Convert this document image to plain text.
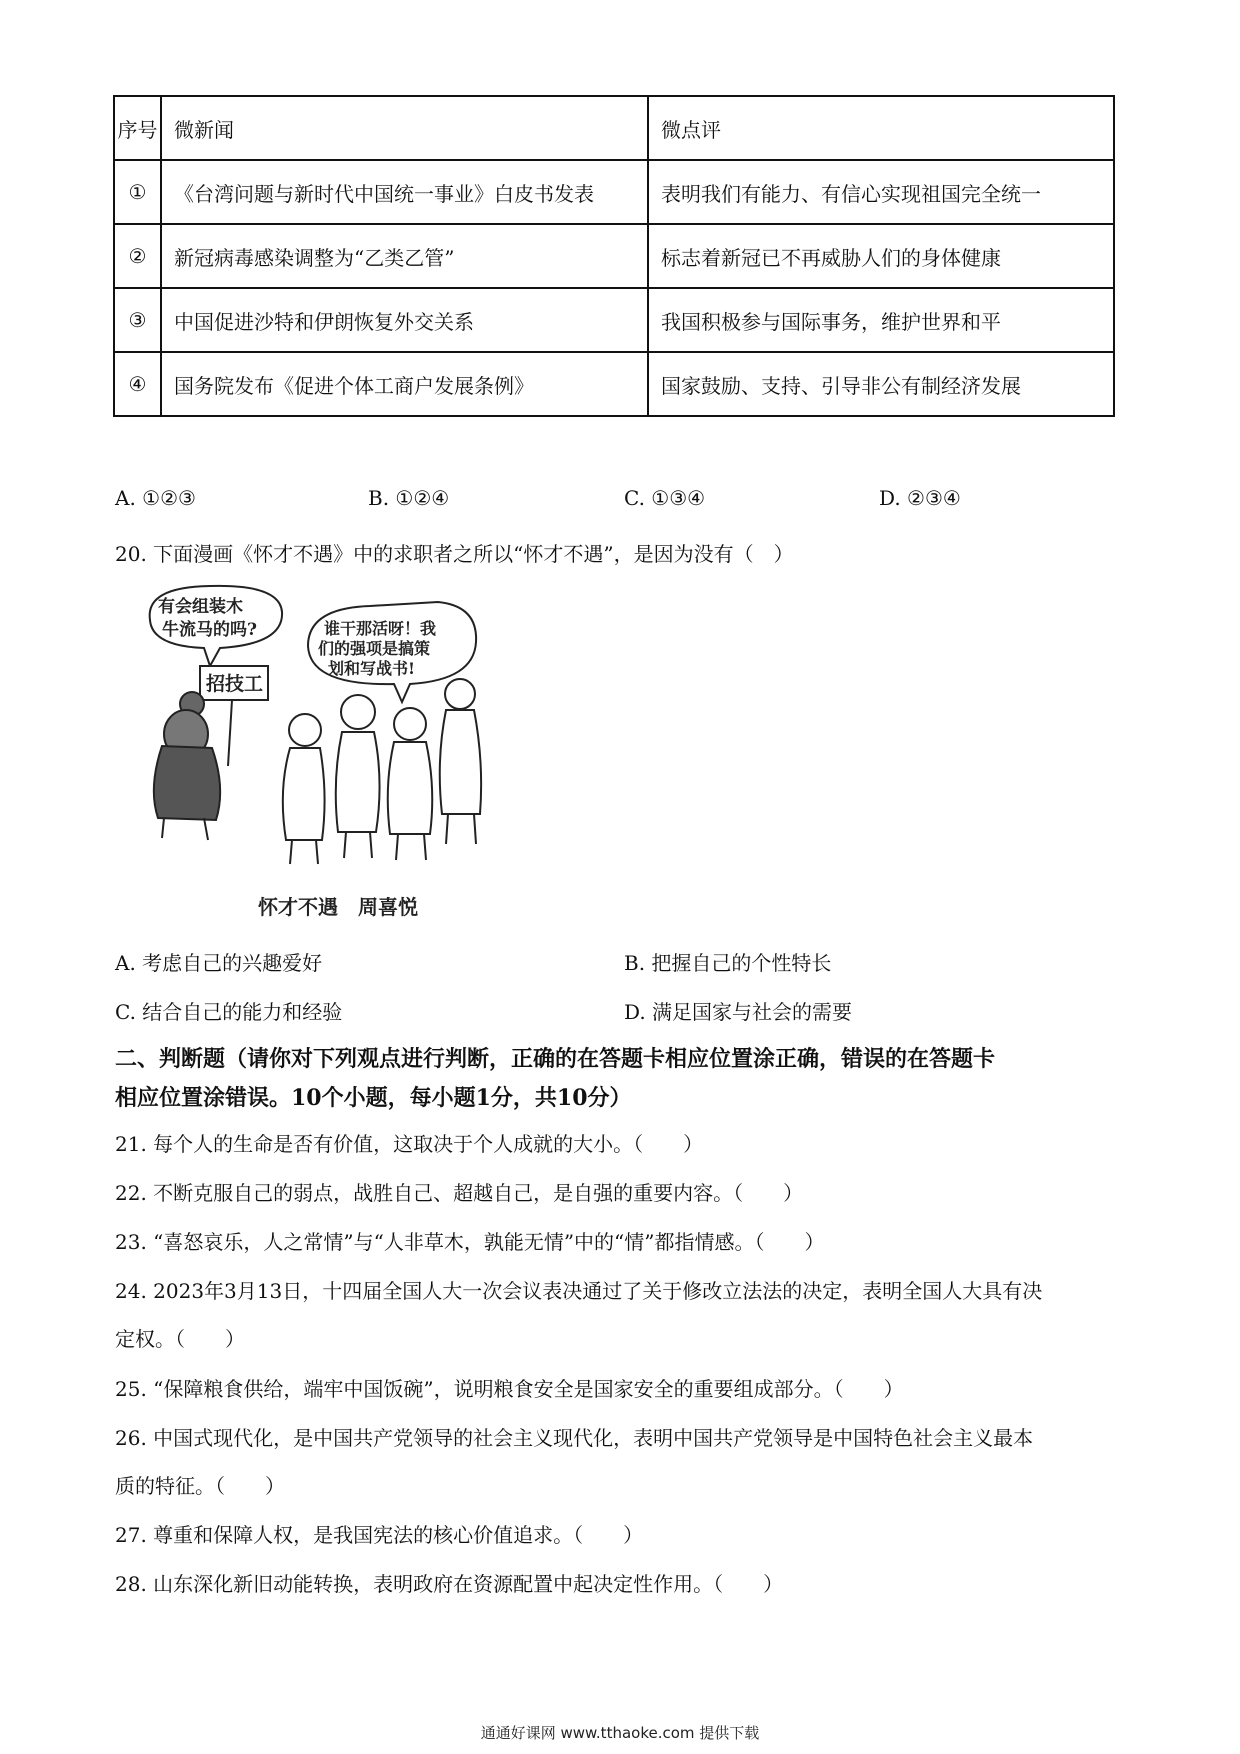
序号	微新闻	微点评
①	《台湾问题与新时代中国统一事业》白皮书发表	表明我们有能力、有信心实现祖国完全统一
②	新冠病毒感染调整为“乙类乙管”	标志着新冠已不再威胁人们的身体健康
③	中国促进沙特和伊朗恢复外交关系	我国积极参与国际事务，维护世界和平
④	国务院发布《促进个体工商户发展条例》	国家鼓励、支持、引导非公有制经济发展
A. ①②③	B. ①②④	C. ①③④	D. ②③④
20. 下面漫画《怀才不遇》中的求职者之所以“怀才不遇”，是因为没有（　）
有会组装木
牛流马的吗?
招技工
谁干那活呀！我
们的强项是搞策
划和写战书!
怀才不遇　周喜悦
A. 考虑自己的兴趣爱好	B. 把握自己的个性特长
C. 结合自己的能力和经验	D. 满足国家与社会的需要
二、判断题（请你对下列观点进行判断，正确的在答题卡相应位置涂正确，错误的在答题卡
相应位置涂错误。10个小题，每小题1分，共10分）
21. 每个人的生命是否有价值，这取决于个人成就的大小。（　　）
22. 不断克服自己的弱点，战胜自己、超越自己，是自强的重要内容。（　　）
23. “喜怒哀乐，人之常情”与“人非草木，孰能无情”中的“情”都指情感。（　　）
24. 2023年3月13日，十四届全国人大一次会议表决通过了关于修改立法法的决定，表明全国人大具有决
定权。（　　）
25. “保障粮食供给，端牢中国饭碗”，说明粮食安全是国家安全的重要组成部分。（　　）
26. 中国式现代化，是中国共产党领导的社会主义现代化，表明中国共产党领导是中国特色社会主义最本
质的特征。（　　）
27. 尊重和保障人权，是我国宪法的核心价值追求。（　　）
28. 山东深化新旧动能转换，表明政府在资源配置中起决定性作用。（　　）
通通好课网 www.tthaoke.com 提供下载
